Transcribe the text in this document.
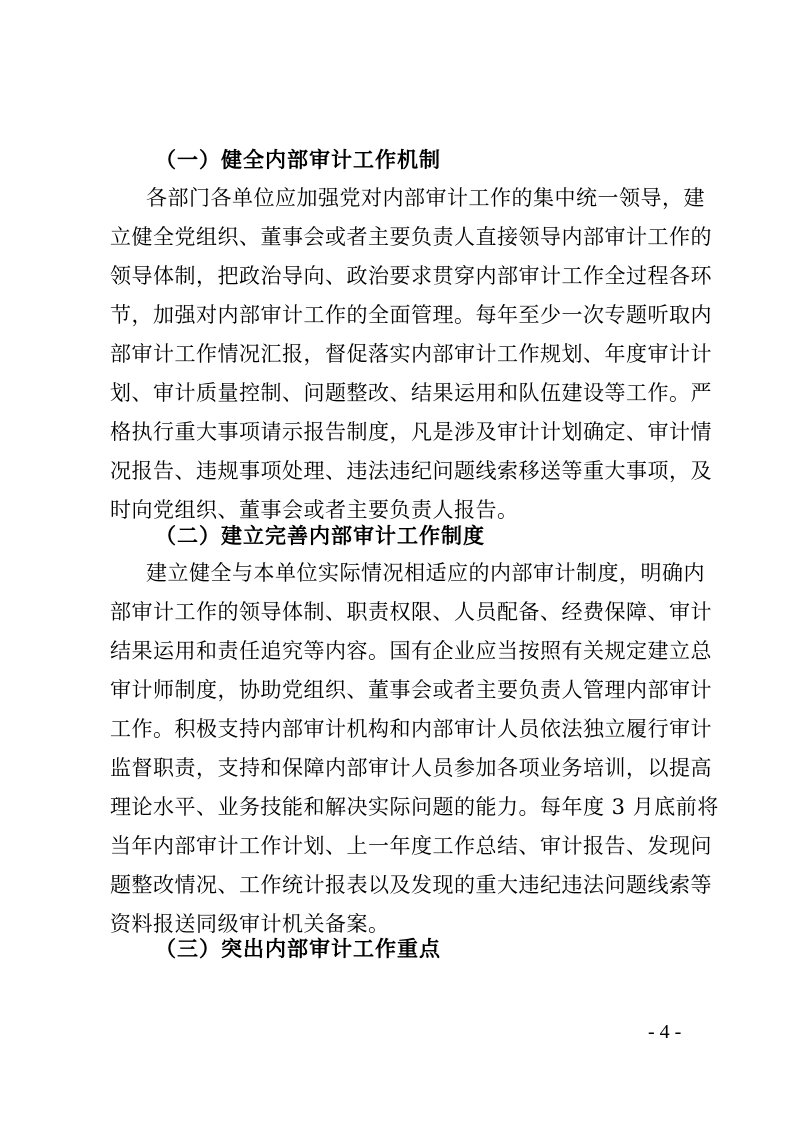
（一）健全内部审计工作机制
各部门各单位应加强党对内部审计工作的集中统一领导，建
立健全党组织、董事会或者主要负责人直接领导内部审计工作的
领导体制，把政治导向、政治要求贯穿内部审计工作全过程各环
节，加强对内部审计工作的全面管理。每年至少一次专题听取内
部审计工作情况汇报，督促落实内部审计工作规划、年度审计计
划、审计质量控制、问题整改、结果运用和队伍建设等工作。严
格执行重大事项请示报告制度，凡是涉及审计计划确定、审计情
况报告、违规事项处理、违法违纪问题线索移送等重大事项，及
时向党组织、董事会或者主要负责人报告。
（二）建立完善内部审计工作制度
建立健全与本单位实际情况相适应的内部审计制度，明确内
部审计工作的领导体制、职责权限、人员配备、经费保障、审计
结果运用和责任追究等内容。国有企业应当按照有关规定建立总
审计师制度，协助党组织、董事会或者主要负责人管理内部审计
工作。积极支持内部审计机构和内部审计人员依法独立履行审计
监督职责，支持和保障内部审计人员参加各项业务培训，以提高
理论水平、业务技能和解决实际问题的能力。每年度 3 月底前将
当年内部审计工作计划、上一年度工作总结、审计报告、发现问
题整改情况、工作统计报表以及发现的重大违纪违法问题线索等
资料报送同级审计机关备案。
（三）突出内部审计工作重点
- 4 -
